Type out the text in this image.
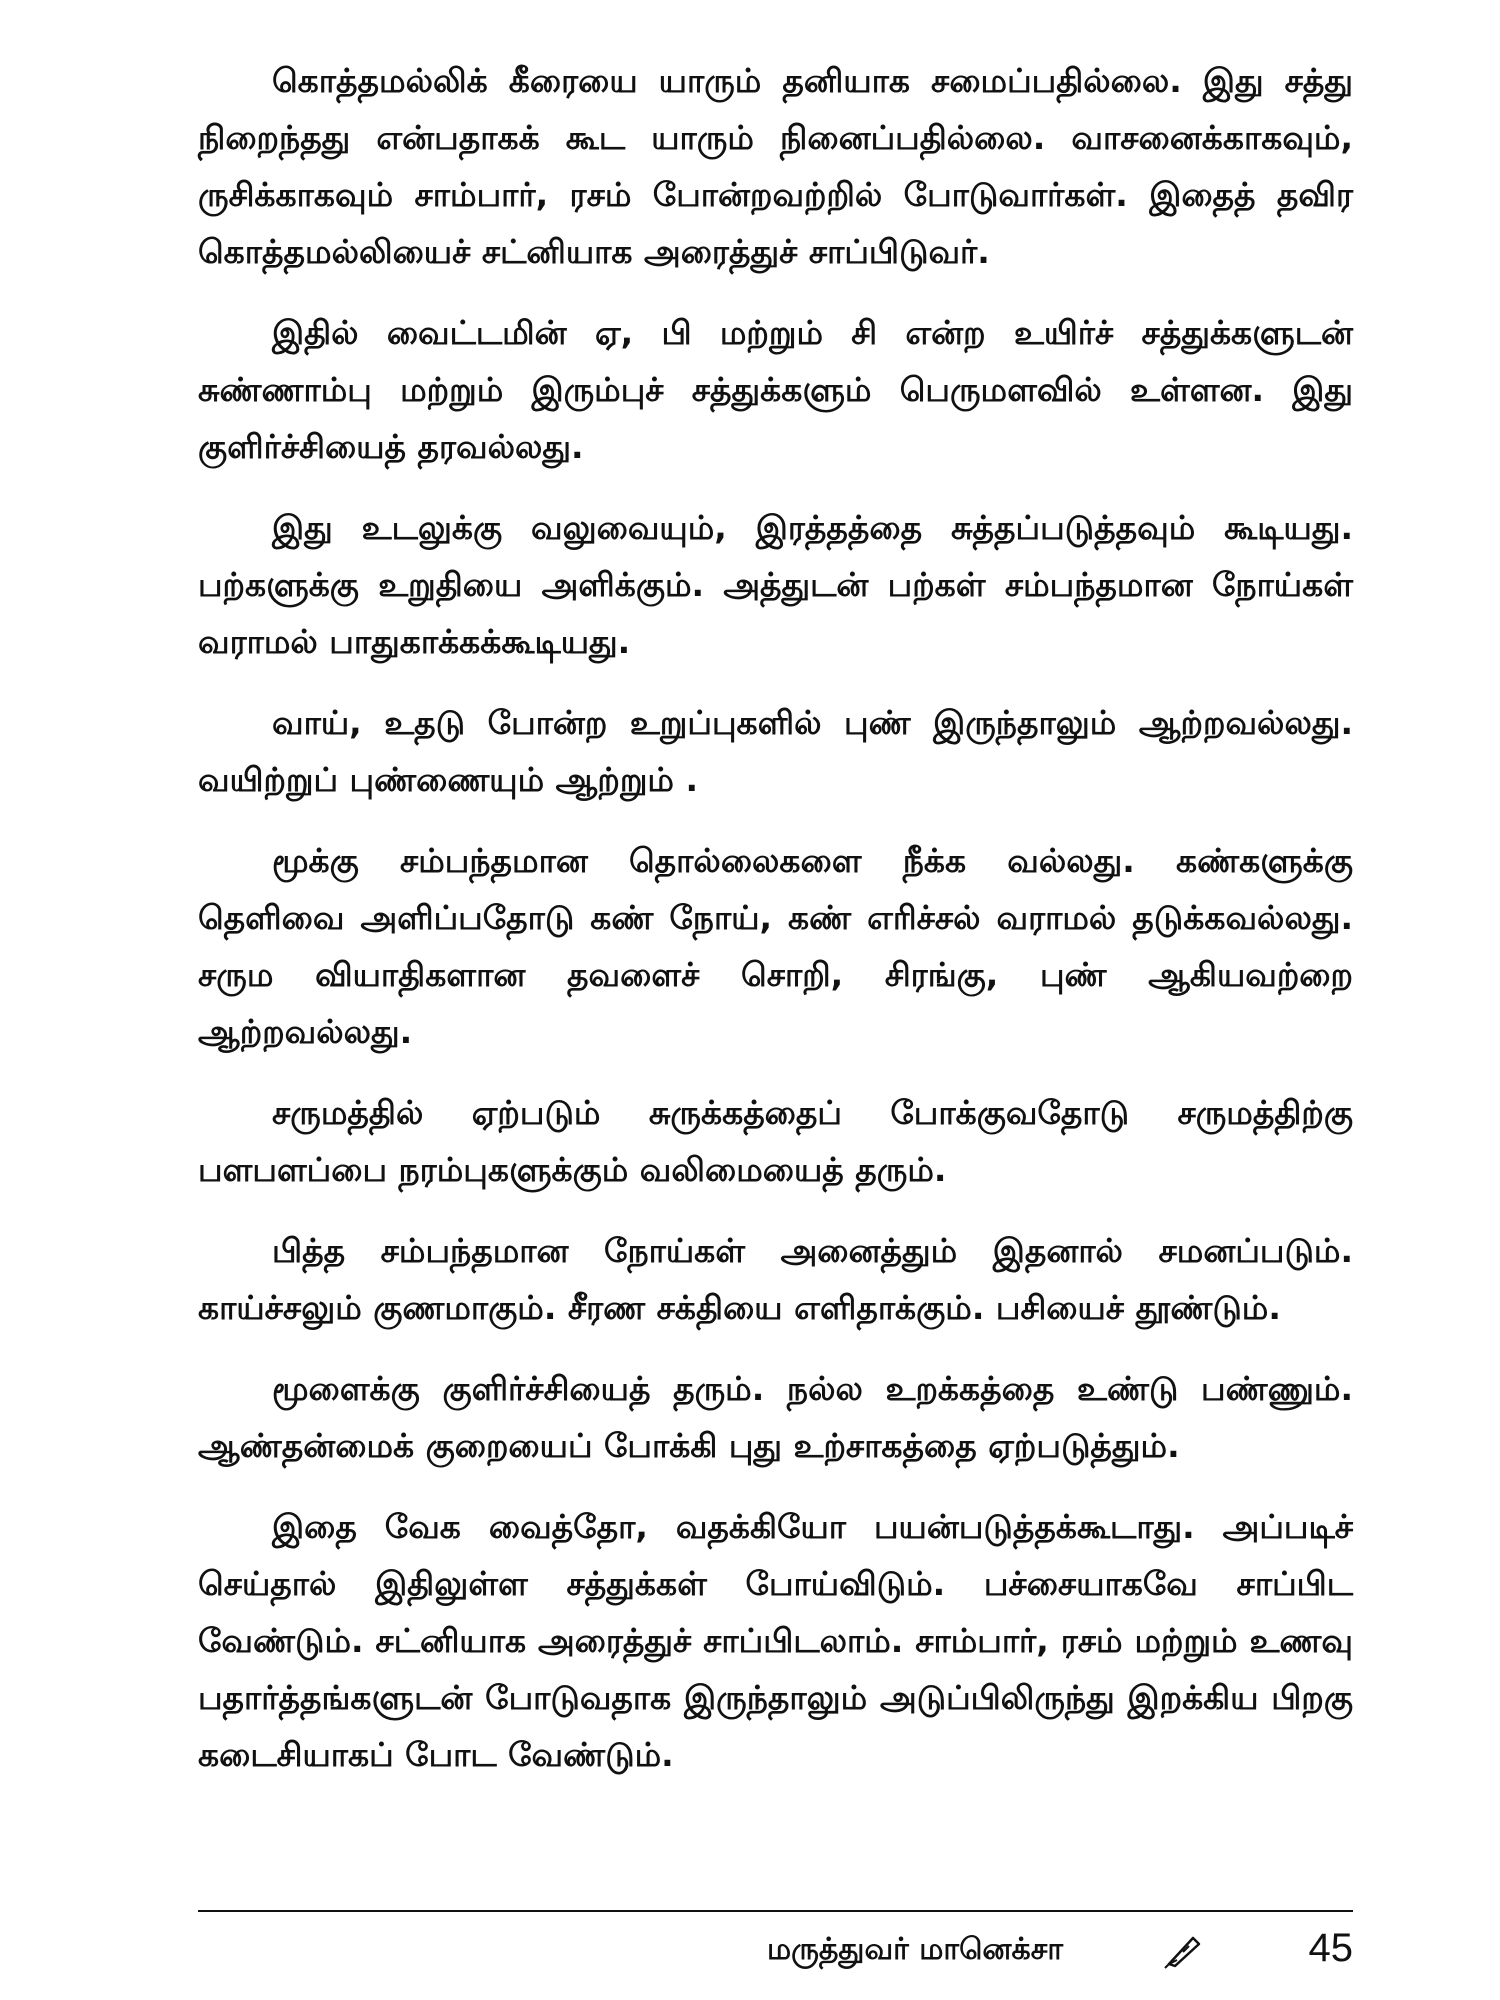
கொத்தமல்லிக் கீரையை யாரும் தனியாக சமைப்பதில்லை. இது சத்து நிறைந்தது என்பதாகக் கூட யாரும் நினைப்பதில்லை. வாசனைக்காகவும், ருசிக்காகவும் சாம்பார், ரசம் போன்றவற்றில் போடுவார்கள். இதைத் தவிர கொத்தமல்லியைச் சட்னியாக அரைத்துச் சாப்பிடுவர்.

இதில் வைட்டமின் ஏ, பி மற்றும் சி என்ற உயிர்ச் சத்துக்களுடன் சுண்ணாம்பு மற்றும் இரும்புச் சத்துக்களும் பெருமளவில் உள்ளன. இது குளிர்ச்சியைத் தரவல்லது.

இது உடலுக்கு வலுவையும், இரத்தத்தை சுத்தப்படுத்தவும் கூடியது. பற்களுக்கு உறுதியை அளிக்கும். அத்துடன் பற்கள் சம்பந்தமான நோய்கள் வராமல் பாதுகாக்கக்கூடியது.

வாய், உதடு போன்ற உறுப்புகளில் புண் இருந்தாலும் ஆற்றவல்லது. வயிற்றுப் புண்ணையும் ஆற்றும் .

மூக்கு சம்பந்தமான தொல்லைகளை நீக்க வல்லது. கண்களுக்கு தெளிவை அளிப்பதோடு கண் நோய், கண் எரிச்சல் வராமல் தடுக்கவல்லது. சரும வியாதிகளான தவளைச் சொறி, சிரங்கு, புண் ஆகியவற்றை ஆற்றவல்லது.

சருமத்தில் ஏற்படும் சுருக்கத்தைப் போக்குவதோடு சருமத்திற்கு பளபளப்பை நரம்புகளுக்கும் வலிமையைத் தரும்.

பித்த சம்பந்தமான நோய்கள் அனைத்தும் இதனால் சமனப்படும். காய்ச்சலும் குணமாகும். சீரண சக்தியை எளிதாக்கும். பசியைச் தூண்டும்.

மூளைக்கு குளிர்ச்சியைத் தரும். நல்ல உறக்கத்தை உண்டு பண்ணும். ஆண்தன்மைக் குறையைப் போக்கி புது உற்சாகத்தை ஏற்படுத்தும்.

இதை வேக வைத்தோ, வதக்கியோ பயன்படுத்தக்கூடாது. அப்படிச் செய்தால் இதிலுள்ள சத்துக்கள் போய்விடும். பச்சையாகவே சாப்பிட வேண்டும். சட்னியாக அரைத்துச் சாப்பிடலாம். சாம்பார், ரசம் மற்றும் உணவு பதார்த்தங்களுடன் போடுவதாக இருந்தாலும் அடுப்பிலிருந்து இறக்கிய பிறகு கடைசியாகப் போட வேண்டும்.

மருத்துவர் மானெக்சா	45
